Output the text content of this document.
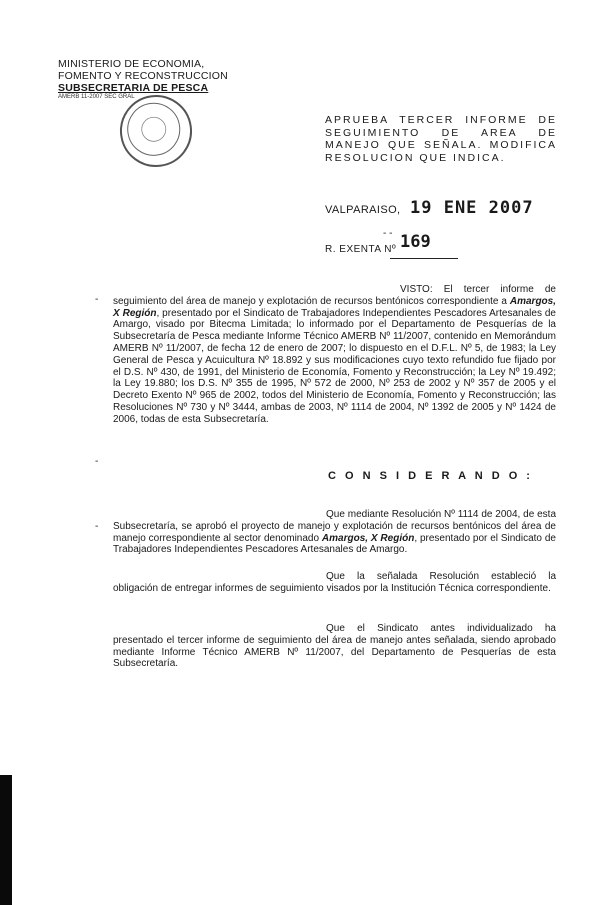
MINISTERIO DE ECONOMIA,
FOMENTO Y RECONSTRUCCION
SUBSECRETARIA DE PESCA
AMERB 11-2007 SEC GRAL
APRUEBA TERCER INFORME DE SEGUIMIENTO DE AREA DE MANEJO QUE SEÑALA. MODIFICA RESOLUCION QUE INDICA.
VALPARAISO, 19 ENE 2007
- -
R. EXENTA Nº 169
VISTO: El tercer informe de seguimiento del área de manejo y explotación de recursos bentónicos correspondiente a Amargos, X Región, presentado por el Sindicato de Trabajadores Independientes Pescadores Artesanales de Amargo, visado por Bitecma Limitada; lo informado por el Departamento de Pesquerías de la Subsecretaría de Pesca mediante Informe Técnico AMERB Nº 11/2007, contenido en Memorándum AMERB Nº 11/2007, de fecha 12 de enero de 2007; lo dispuesto en el D.F.L. Nº 5, de 1983; la Ley General de Pesca y Acuicultura Nº 18.892 y sus modificaciones cuyo texto refundido fue fijado por el D.S. Nº 430, de 1991, del Ministerio de Economía, Fomento y Reconstrucción; la Ley Nº 19.492; la Ley 19.880; los D.S. Nº 355 de 1995, Nº 572 de 2000, Nº 253 de 2002 y Nº 357 de 2005 y el Decreto Exento Nº 965 de 2002, todos del Ministerio de Economía, Fomento y Reconstrucción; las Resoluciones Nº 730 y Nº 3444, ambas de 2003, Nº 1114 de 2004, Nº 1392 de 2005 y Nº 1424 de 2006, todas de esta Subsecretaría.
-
-
C O N S I D E R A N D O :
Que mediante Resolución Nº 1114 de 2004, de esta Subsecretaría, se aprobó el proyecto de manejo y explotación de recursos bentónicos del área de manejo correspondiente al sector denominado Amargos, X Región, presentado por el Sindicato de Trabajadores Independientes Pescadores Artesanales de Amargo.
-
Que la señalada Resolución estableció la obligación de entregar informes de seguimiento visados por la Institución Técnica correspondiente.
Que el Sindicato antes individualizado ha presentado el tercer informe de seguimiento del área de manejo antes señalada, siendo aprobado mediante Informe Técnico AMERB Nº 11/2007, del Departamento de Pesquerías de esta Subsecretaría.
